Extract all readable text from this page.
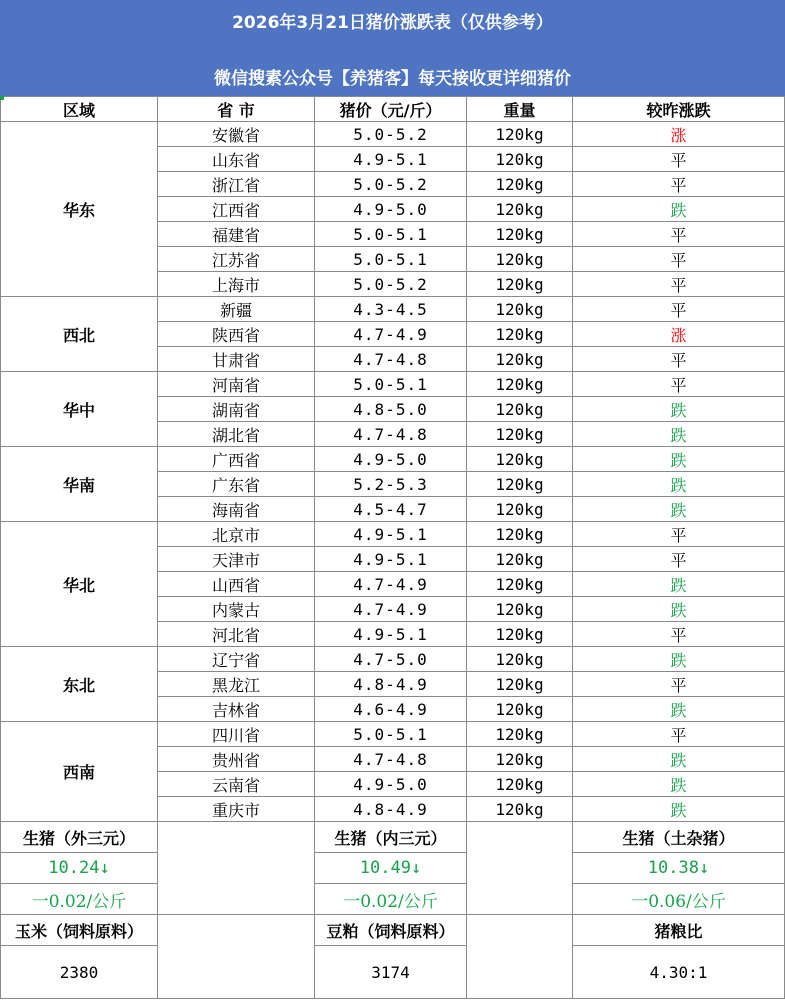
2026年3月21日猪价涨跌表（仅供参考）
微信搜素公众号【养猪客】每天接收更详细猪价
区域	省 市	猪价（元/斤）	重量	较昨涨跌
华东	安徽省	5.0-5.2	120kg	涨
	山东省	4.9-5.1	120kg	平
	浙江省	5.0-5.2	120kg	平
	江西省	4.9-5.0	120kg	跌
	福建省	5.0-5.1	120kg	平
	江苏省	5.0-5.1	120kg	平
	上海市	5.0-5.2	120kg	平
西北	新疆	4.3-4.5	120kg	平
	陕西省	4.7-4.9	120kg	涨
	甘肃省	4.7-4.8	120kg	平
华中	河南省	5.0-5.1	120kg	平
	湖南省	4.8-5.0	120kg	跌
	湖北省	4.7-4.8	120kg	跌
华南	广西省	4.9-5.0	120kg	跌
	广东省	5.2-5.3	120kg	跌
	海南省	4.5-4.7	120kg	跌
华北	北京市	4.9-5.1	120kg	平
	天津市	4.9-5.1	120kg	平
	山西省	4.7-4.9	120kg	跌
	内蒙古	4.7-4.9	120kg	跌
	河北省	4.9-5.1	120kg	平
东北	辽宁省	4.7-5.0	120kg	跌
	黑龙江	4.8-4.9	120kg	平
	吉林省	4.6-4.9	120kg	跌
西南	四川省	5.0-5.1	120kg	平
	贵州省	4.7-4.8	120kg	跌
	云南省	4.9-5.0	120kg	跌
	重庆市	4.8-4.9	120kg	跌
生猪（外三元）		生猪（内三元）		生猪（土杂猪）
10.24↓		10.49↓		10.38↓
一0.02/公斤		一0.02/公斤		一0.06/公斤
玉米（饲料原料）		豆粕（饲料原料）		猪粮比
2380		3174		4.30:1
